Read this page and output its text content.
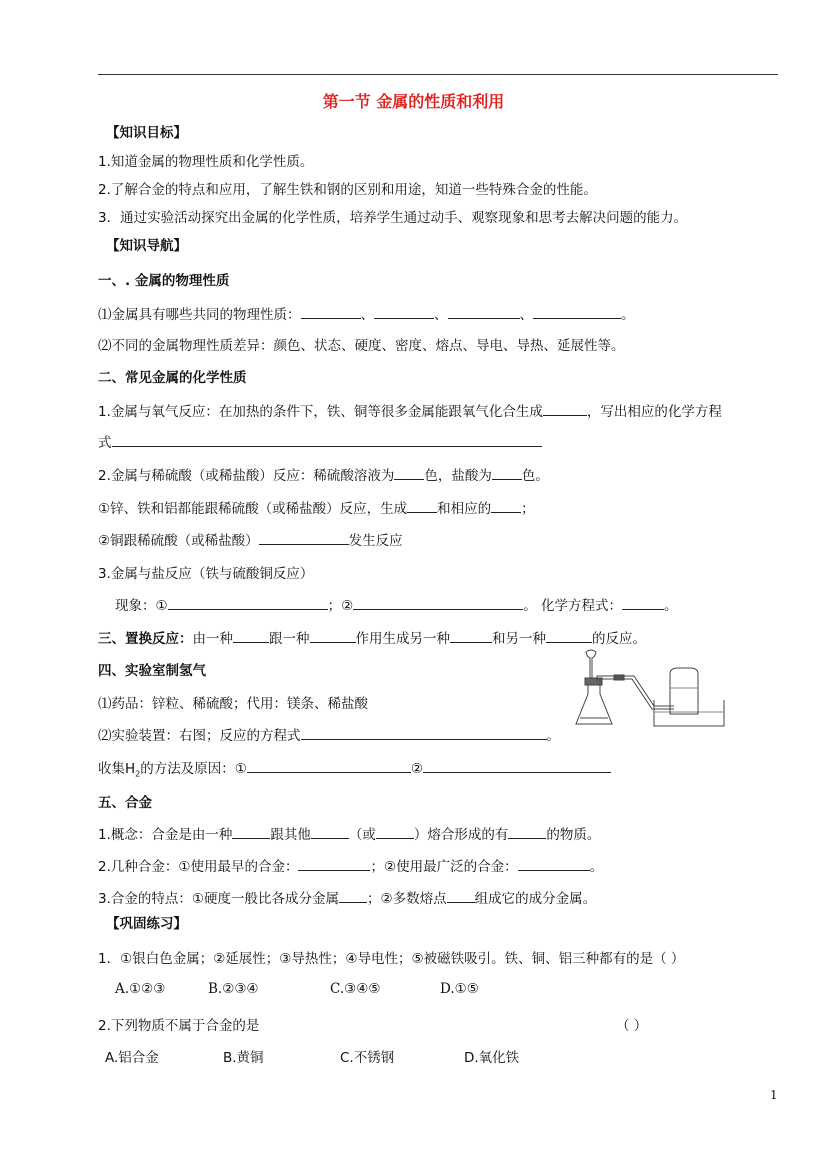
第一节 金属的性质和利用
【知识目标】
1.知道金属的物理性质和化学性质。
2.了解合金的特点和应用，了解生铁和钢的区别和用途，知道一些特殊合金的性能。
3．通过实验活动探究出金属的化学性质，培养学生通过动手、观察现象和思考去解决问题的能力。
【知识导航】
一、. 金属的物理性质
⑴金属具有哪些共同的物理性质：	、	、	、	。
⑵不同的金属物理性质差异：颜色、状态、硬度、密度、熔点、导电、导热、延展性等。
二、常见金属的化学性质
1.金属与氧气反应：在加热的条件下，铁、铜等很多金属能跟氧气化合生成	，写出相应的化学方程
式
2.金属与稀硫酸（或稀盐酸）反应：稀硫酸溶液为 色，盐酸为 色。
①锌、铁和铝都能跟稀硫酸（或稀盐酸）反应，生成 和相应的 ；
②铜跟稀硫酸（或稀盐酸）	发生反应
3.金属与盐反应（铁与硫酸铜反应）
现象：①	；②	。 化学方程式：	。
三、置换反应：由一种	跟一种	作用生成另一种	和另一种	的反应。
四、实验室制氢气
⑴药品：锌粒、稀硫酸；代用：镁条、稀盐酸
⑵实验装置：右图；反应的方程式	。
收集$H_2$的方法及原因：①	②
五、合金
1.概念：合金是由一种	跟其他	（或	）熔合形成的有	的物质。
2.几种合金：①使用最早的合金：	；②使用最广泛的合金：	。
3.合金的特点：①硬度一般比各成分金属 ；②多数熔点 组成它的成分金属。
【巩固练习】
1．①银白色金属；②延展性；③导热性；④导电性；⑤被磁铁吸引。铁、铜、铝三种都有的是（ ）
A.①②③	B.②③④	C.③④⑤	D.①⑤
2.下列物质不属于合金的是	（ ）
A.铝合金	B.黄铜	C.不锈钢	D.氧化铁
1
